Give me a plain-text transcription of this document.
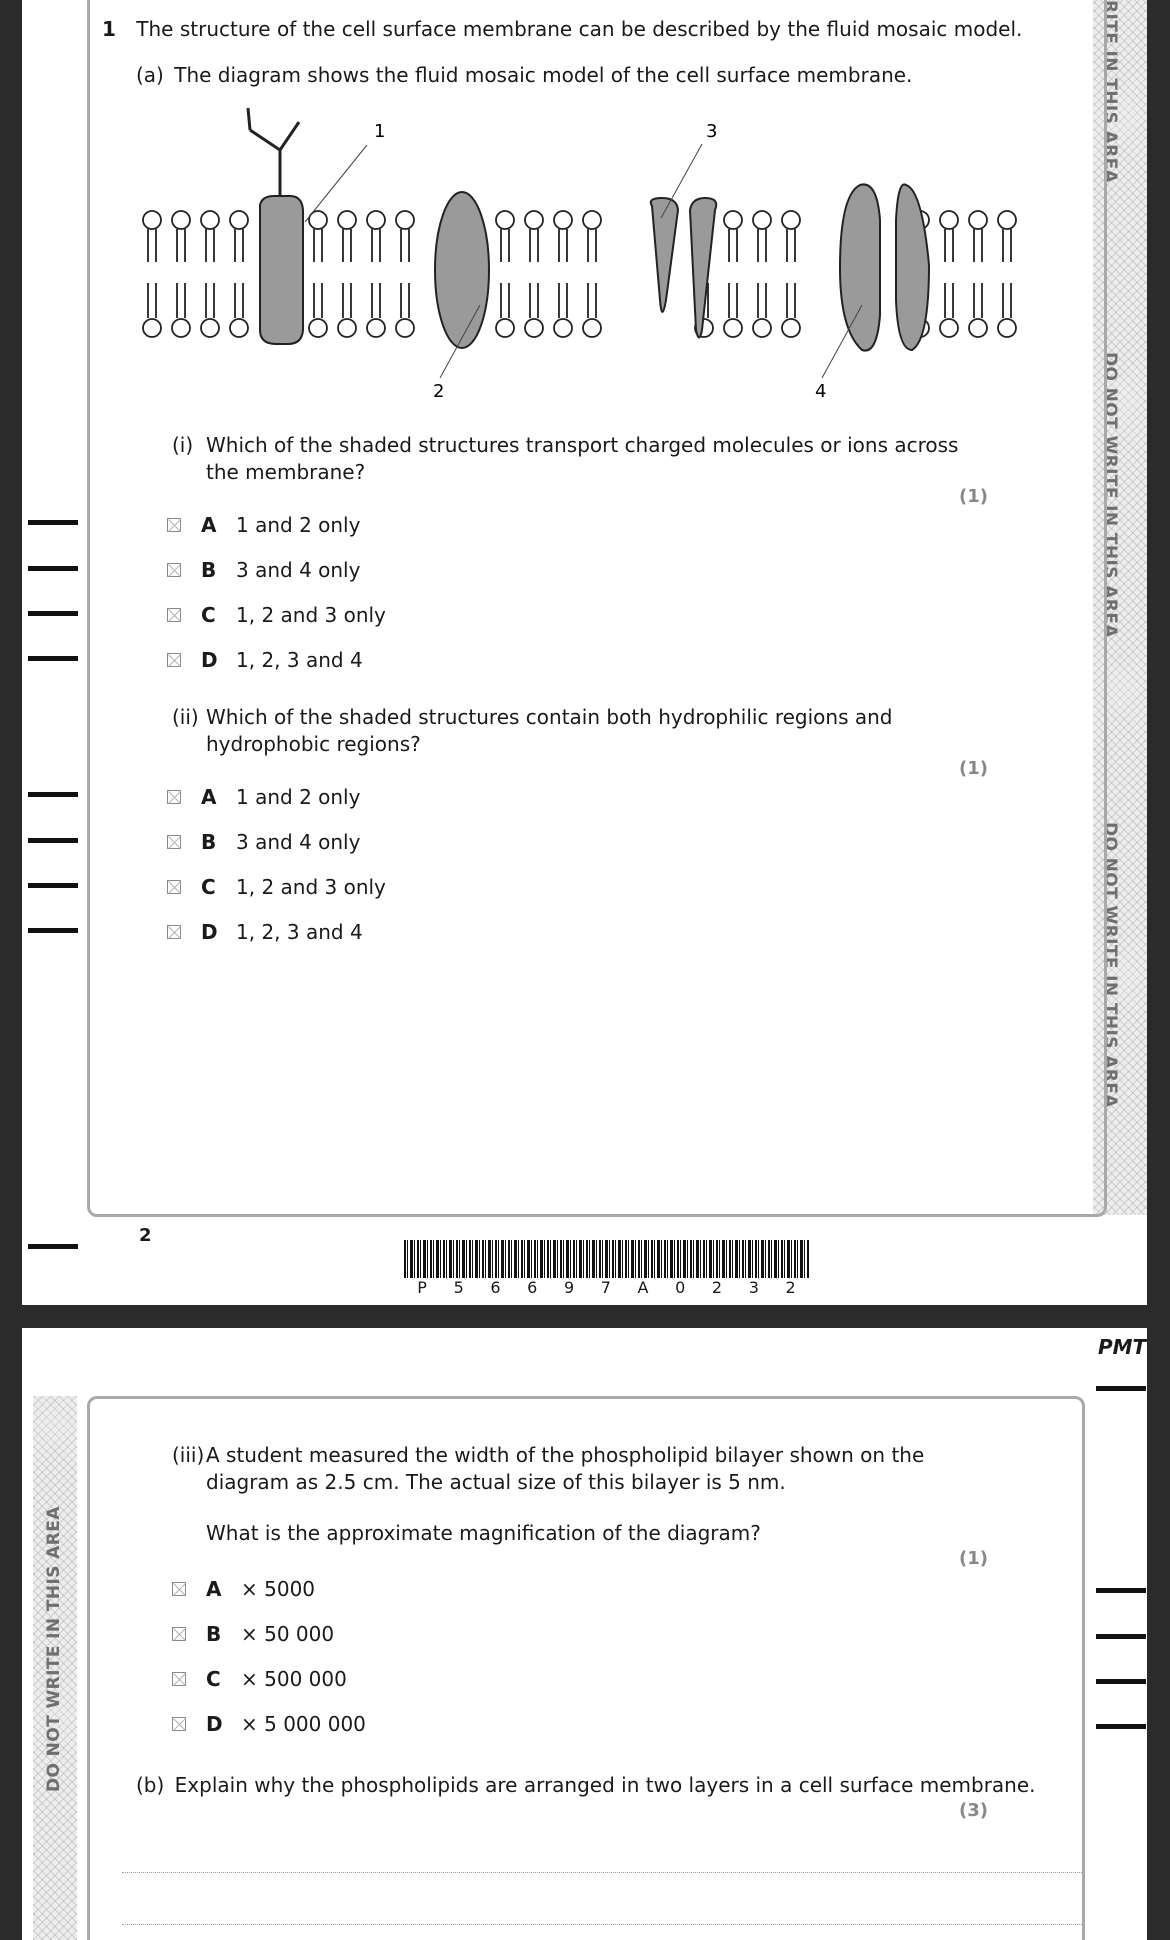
RITE IN THIS AREA
DO NOT WRITE IN THIS AREA
DO NOT WRITE IN THIS AREA
1 The structure of the cell surface membrane can be described by the fluid mosaic model.
(a) The diagram shows the fluid mosaic model of the cell surface membrane.
1
2
3
4
(i) Which of the shaded structures transport charged molecules or ions across
the membrane?
(1)
A 1 and 2 only
B 3 and 4 only
C	1, 2 and 3 only
D 1, 2, 3 and 4
(ii) Which of the shaded structures contain both hydrophilic regions and
hydrophobic regions?
(1)
A 1 and 2 only
B 3 and 4 only
C	1, 2 and 3 only
D 1, 2, 3 and 4
2
P 5 6 6 9 7 A 0 2 3 2
PMT
DO NOT WRITE IN THIS AREA
(iii) A student measured the width of the phospholipid bilayer shown on the
diagram as 2.5 cm. The actual size of this bilayer is 5 nm.
What is the approximate magnification of the diagram?
(1)
A × 5000
B × 50 000
C	× 500 000
D × 5 000 000
(b) Explain why the phospholipids are arranged in two layers in a cell surface membrane.
(3)
